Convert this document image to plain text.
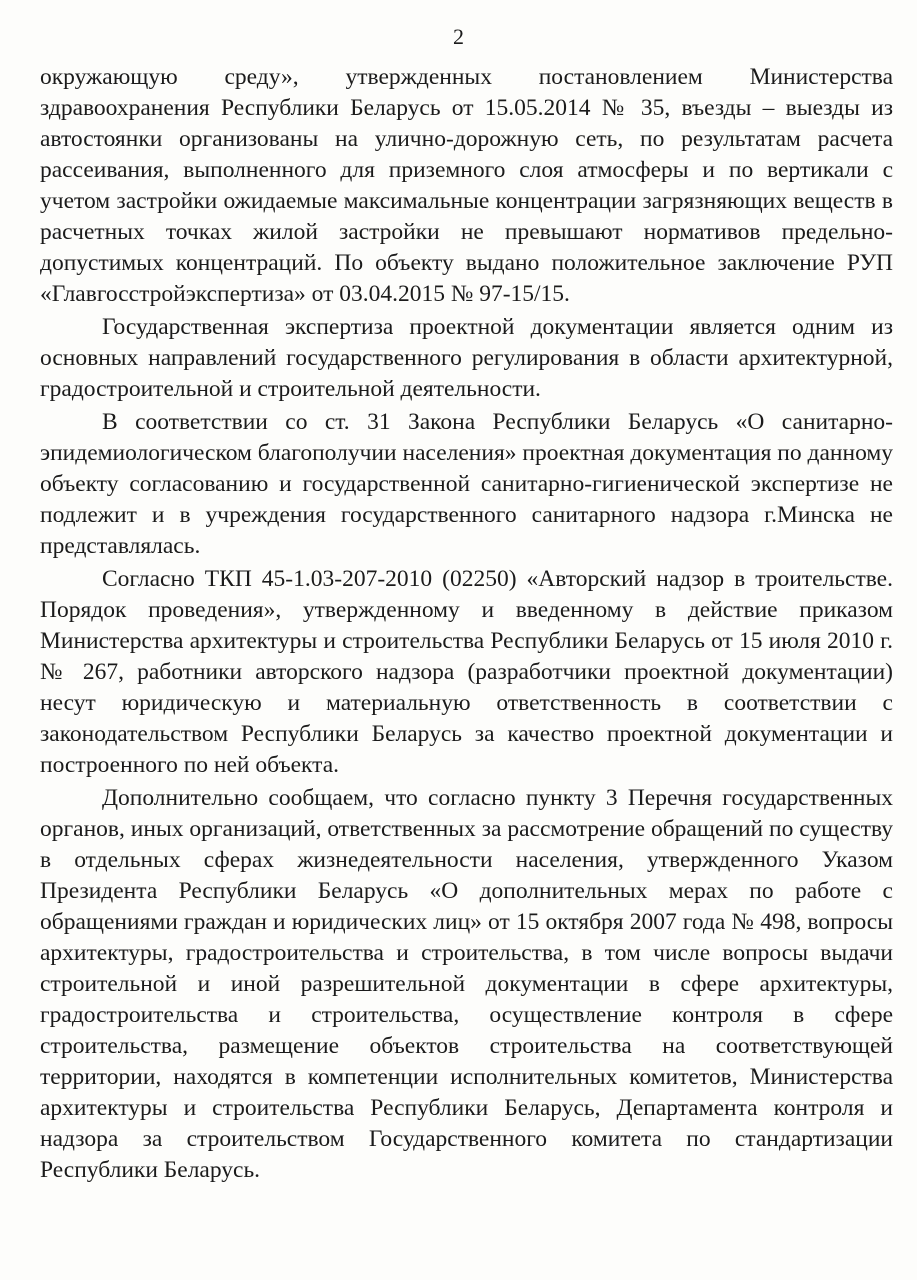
2

окружающую среду», утвержденных постановлением Министерства здравоохранения Республики Беларусь от 15.05.2014 № 35, въезды – выезды из автостоянки организованы на улично-дорожную сеть, по результатам расчета рассеивания, выполненного для приземного слоя атмосферы и по вертикали с учетом застройки ожидаемые максимальные концентрации загрязняющих веществ в расчетных точках жилой застройки не превышают нормативов предельно-допустимых концентраций. По объекту выдано положительное заключение РУП «Главгосстройэкспертиза» от 03.04.2015 № 97-15/15.

Государственная экспертиза проектной документации является одним из основных направлений государственного регулирования в области архитектурной, градостроительной и строительной деятельности.

В соответствии со ст. 31 Закона Республики Беларусь «О санитарно-эпидемиологическом благополучии населения» проектная документация по данному объекту согласованию и государственной санитарно-гигиенической экспертизе не подлежит и в учреждения государственного санитарного надзора г.Минска не представлялась.

Согласно ТКП 45-1.03-207-2010 (02250) «Авторский надзор в троительстве. Порядок проведения», утвержденному и введенному в действие приказом Министерства архитектуры и строительства Республики Беларусь от 15 июля 2010 г. № 267, работники авторского надзора (разработчики проектной документации) несут юридическую и материальную ответственность в соответствии с законодательством Республики Беларусь за качество проектной документации и построенного по ней объекта.

Дополнительно сообщаем, что согласно пункту 3 Перечня государственных органов, иных организаций, ответственных за рассмотрение обращений по существу в отдельных сферах жизнедеятельности населения, утвержденного Указом Президента Республики Беларусь «О дополнительных мерах по работе с обращениями граждан и юридических лиц» от 15 октября 2007 года № 498, вопросы архитектуры, градостроительства и строительства, в том числе вопросы выдачи строительной и иной разрешительной документации в сфере архитектуры, градостроительства и строительства, осуществление контроля в сфере строительства, размещение объектов строительства на соответствующей территории, находятся в компетенции исполнительных комитетов, Министерства архитектуры и строительства Республики Беларусь, Департамента контроля и надзора за строительством Государственного комитета по стандартизации Республики Беларусь.
